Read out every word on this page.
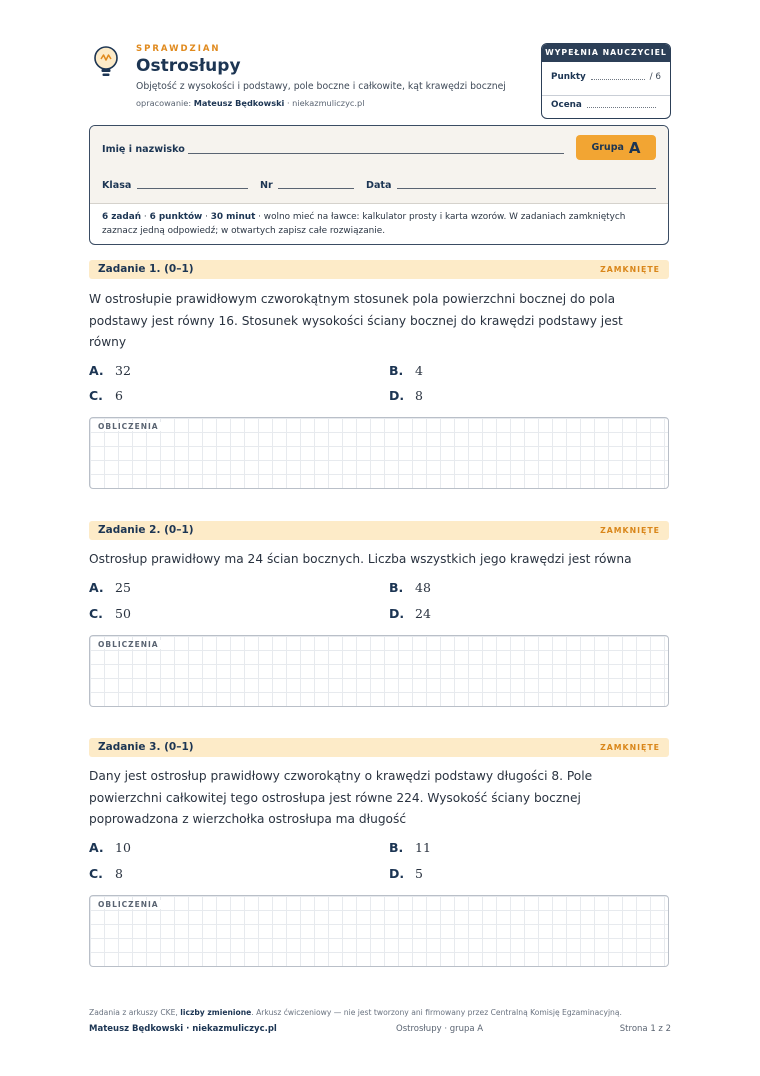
SPRAWDZIAN
Ostrosłupy
Objętość z wysokości i podstawy, pole boczne i całkowite, kąt krawędzi bocznej
opracowanie: Mateusz Będkowski · niekazmuliczyc.pl
WYPEŁNIA NAUCZYCIEL
Punkty	/ 6
Ocena
Imię i nazwisko	Grupa A
Klasa	Nr	Data
6 zadań · 6 punktów · 30 minut · wolno mieć na ławce: kalkulator prosty i karta wzorów. W zadaniach zamkniętych zaznacz jedną odpowiedź; w otwartych zapisz całe rozwiązanie.
Zadanie 1. (0–1)	ZAMKNIĘTE
W ostrosłupie prawidłowym czworokątnym stosunek pola powierzchni bocznej do pola podstawy jest równy 16. Stosunek wysokości ściany bocznej do krawędzi podstawy jest równy
A. 32	B. 4
C. 6	D. 8
OBLICZENIA
Zadanie 2. (0–1)	ZAMKNIĘTE
Ostrosłup prawidłowy ma 24 ścian bocznych. Liczba wszystkich jego krawędzi jest równa
A. 25	B. 48
C. 50	D. 24
OBLICZENIA
Zadanie 3. (0–1)	ZAMKNIĘTE
Dany jest ostrosłup prawidłowy czworokątny o krawędzi podstawy długości 8. Pole powierzchni całkowitej tego ostrosłupa jest równe 224. Wysokość ściany bocznej poprowadzona z wierzchołka ostrosłupa ma długość
A. 10	B. 11
C. 8	D. 5
OBLICZENIA
Zadania z arkuszy CKE, liczby zmienione. Arkusz ćwiczeniowy — nie jest tworzony ani firmowany przez Centralną Komisję Egzaminacyjną.
Mateusz Będkowski · niekazmuliczyc.pl	Ostrosłupy · grupa A	Strona 1 z 2
